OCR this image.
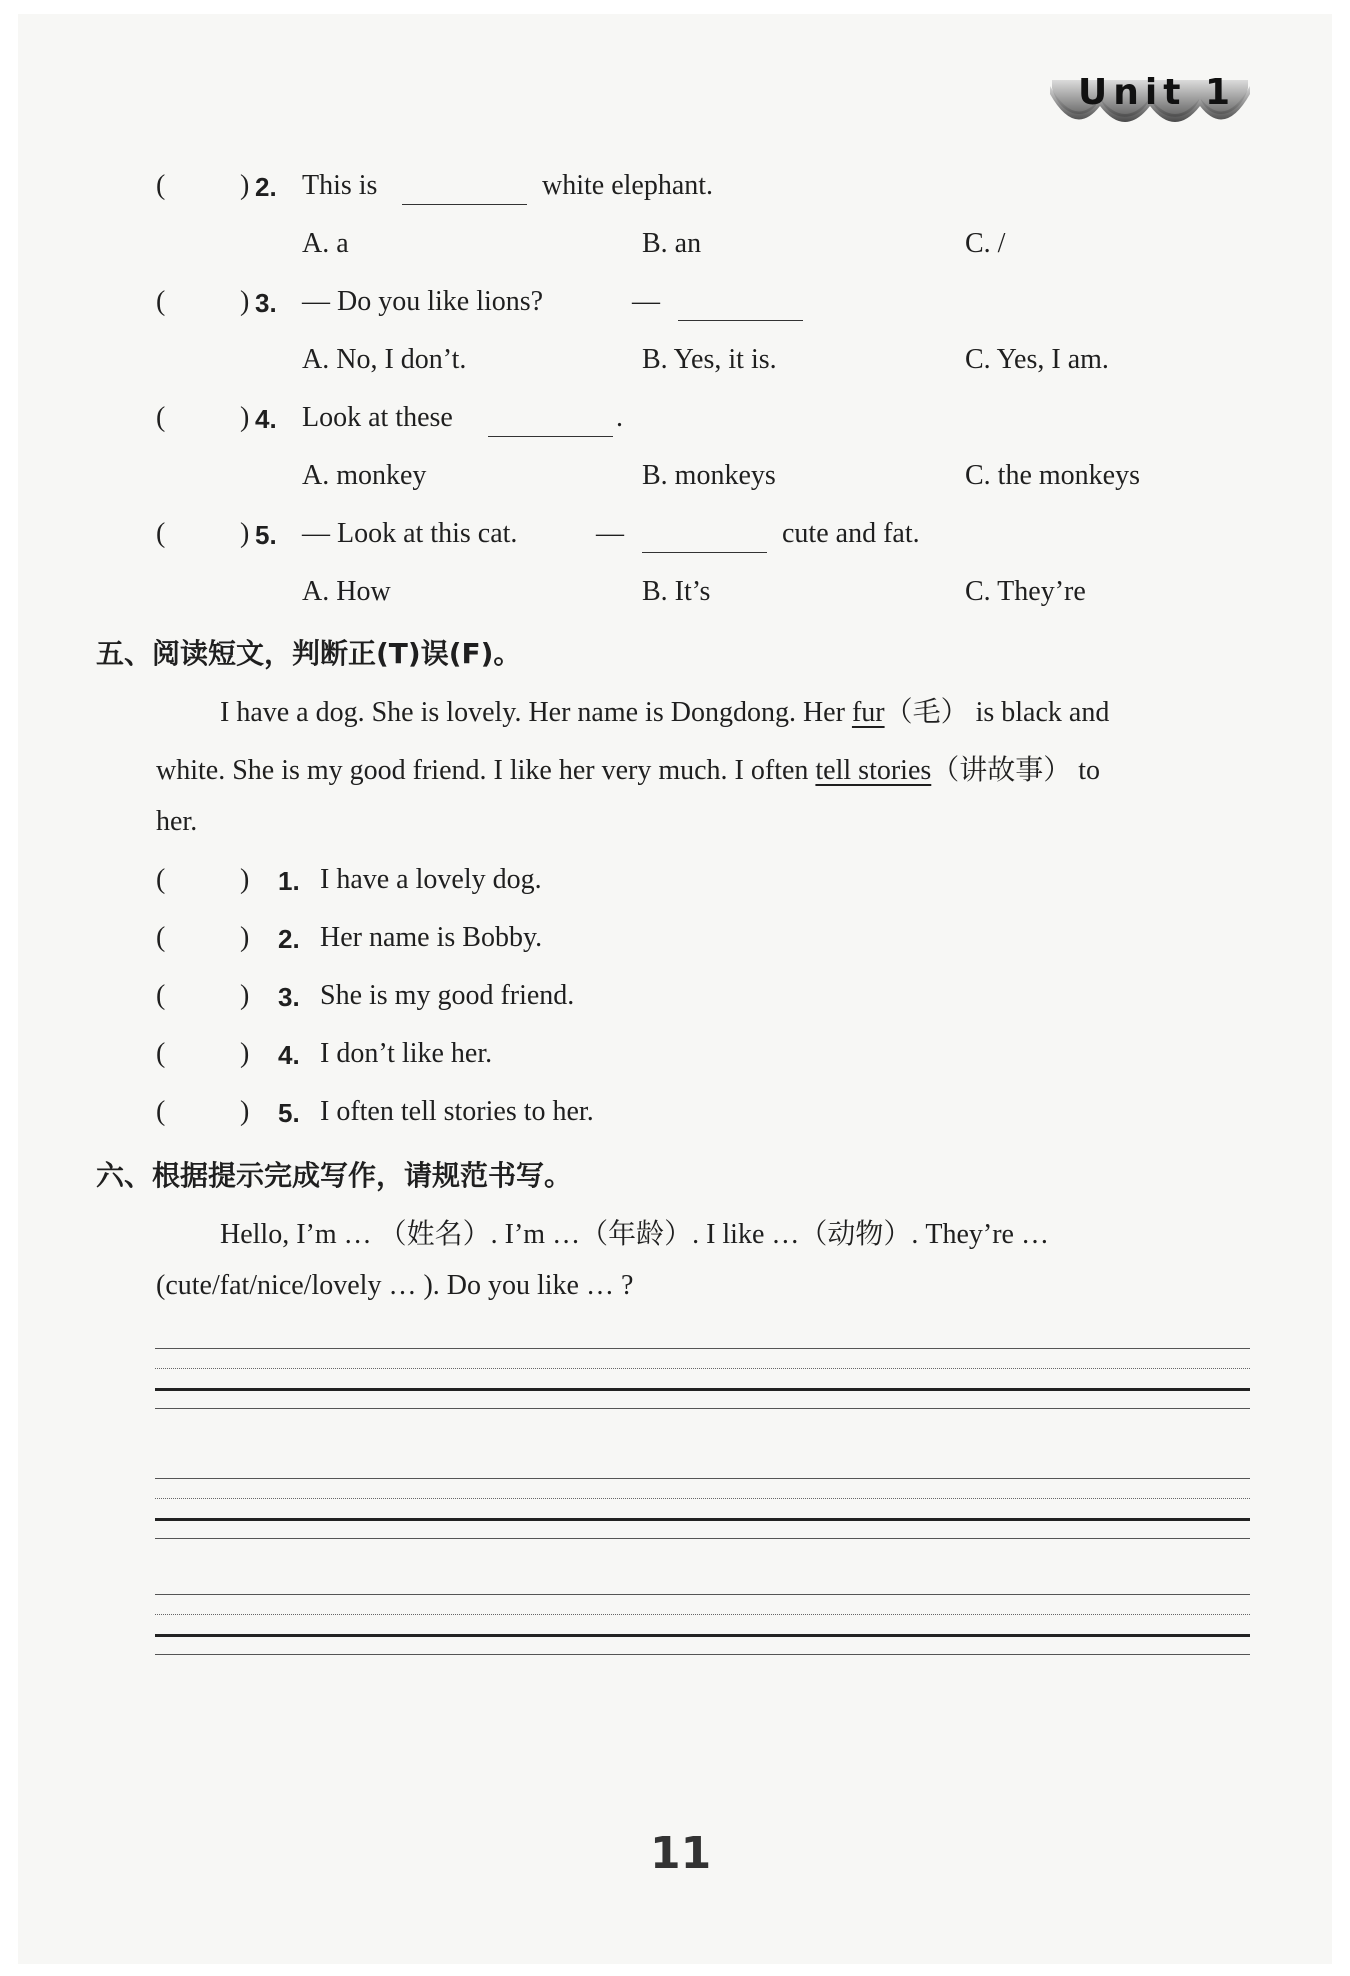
Unit 1
(	) 2. This is	white elephant.
A. a	B. an	C. /
(	) 3. — Do you like lions?	—
A. No, I don’t.	B. Yes, it is.	C. Yes, I am.
(	) 4. Look at these	.
A. monkey	B. monkeys	C. the monkeys
(	) 5. — Look at this cat.	—	cute and fat.
A. How	B. It’s	C. They’re
五、阅读短文，判断正(T)误(F)。
I have a dog. She is lovely. Her name is Dongdong. Her fur（毛） is black and
white. She is my good friend. I like her very much. I often tell stories（讲故事） to
her.
(	) 1. I have a lovely dog.
(	) 2. Her name is Bobby.
(	) 3. She is my good friend.
(	) 4. I don’t like her.
(	) 5. I often tell stories to her.
六、根据提示完成写作，请规范书写。
Hello, I’m … （姓名）. I’m …（年龄）. I like …（动物）. They’re …
(cute/fat/nice/lovely … ). Do you like … ?
11
